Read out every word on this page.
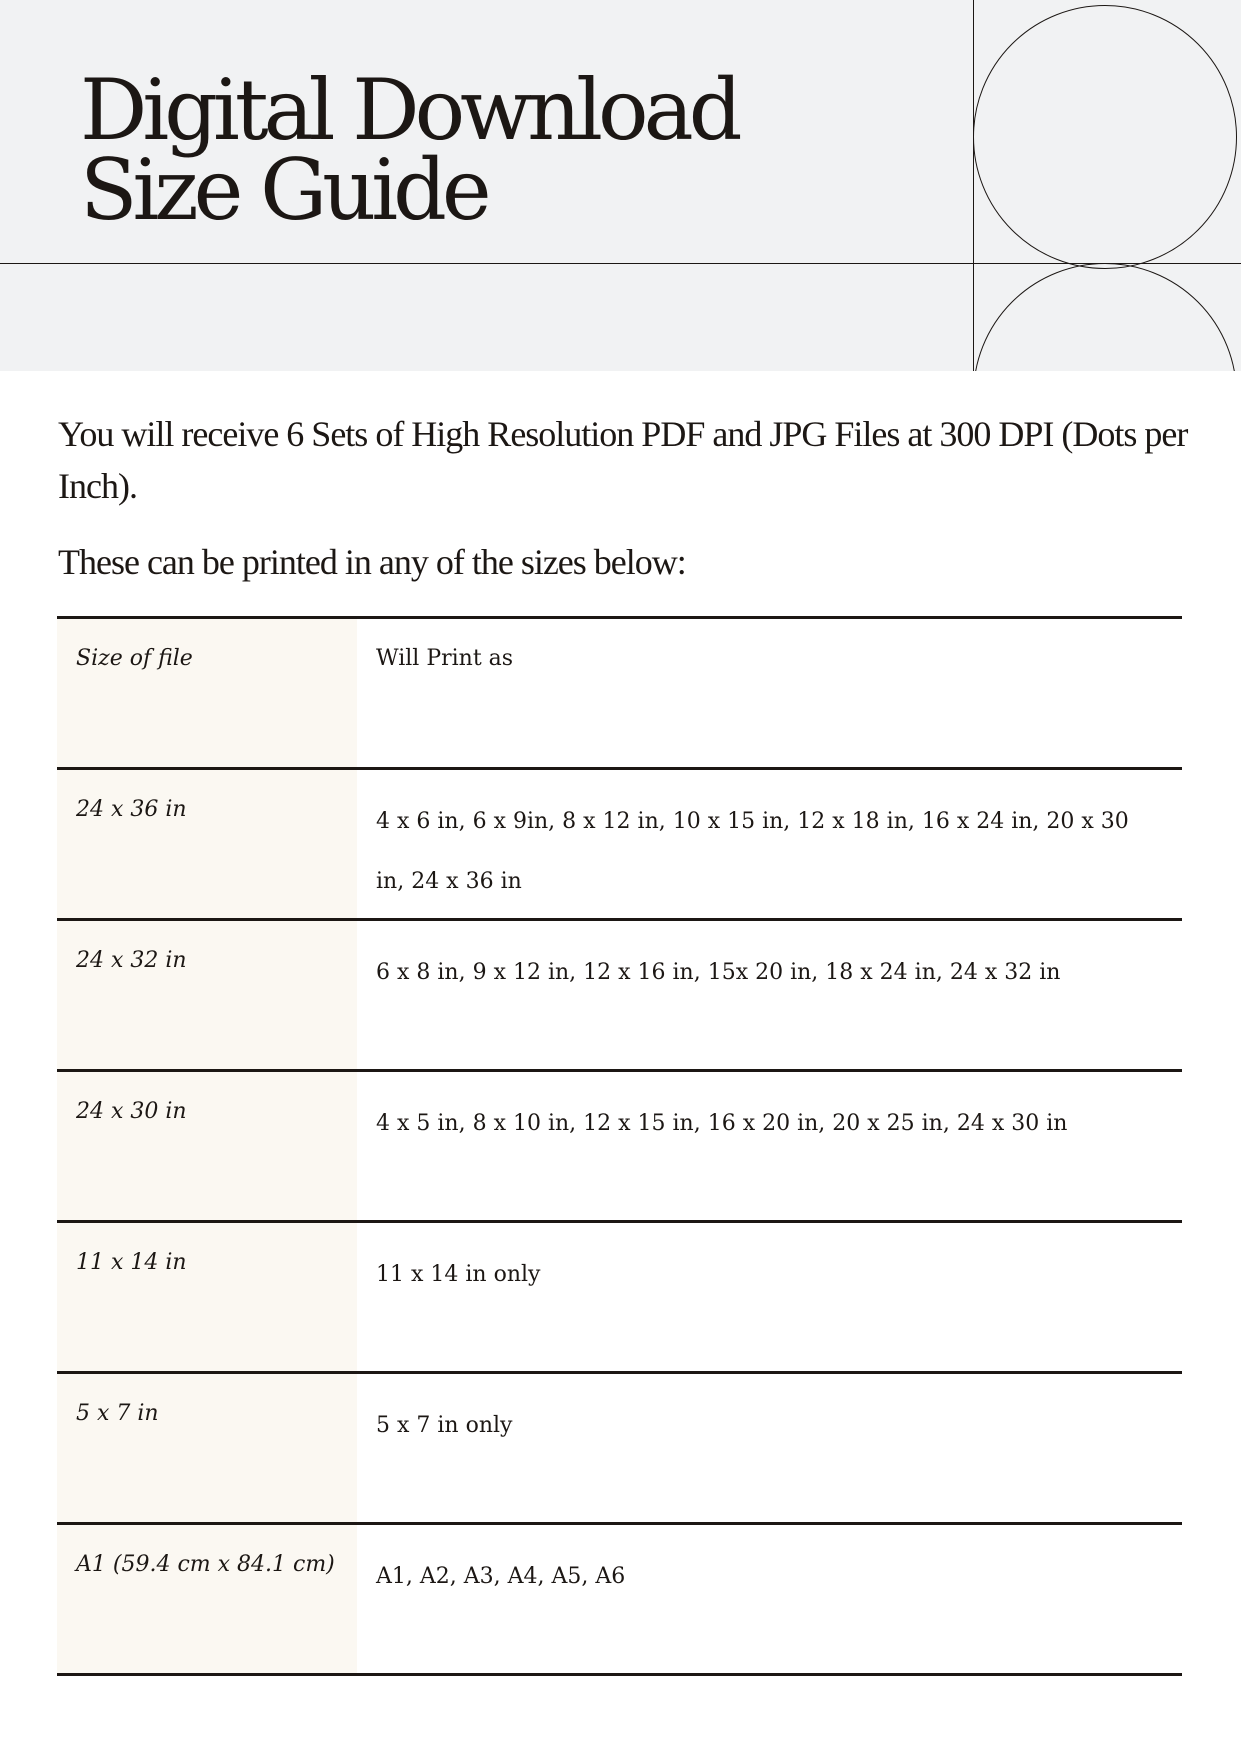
Digital Download
Size Guide

You will receive 6 Sets of High Resolution PDF and JPG Files at 300 DPI (Dots per Inch).

These can be printed in any of the sizes below:

Size of file	Will Print as
24 x 36 in	4 x 6 in, 6 x 9in, 8 x 12 in, 10 x 15 in, 12 x 18 in, 16 x 24 in, 20 x 30 in, 24 x 36 in
24 x 32 in	6 x 8 in, 9 x 12 in, 12 x 16 in, 15x 20 in, 18 x 24 in, 24 x 32 in
24 x 30 in	4 x 5 in, 8 x 10 in, 12 x 15 in, 16 x 20 in, 20 x 25 in, 24 x 30 in
11 x 14 in	11 x 14 in only
5 x 7 in	5 x 7 in only
A1 (59.4 cm x 84.1 cm)	A1, A2, A3, A4, A5, A6
